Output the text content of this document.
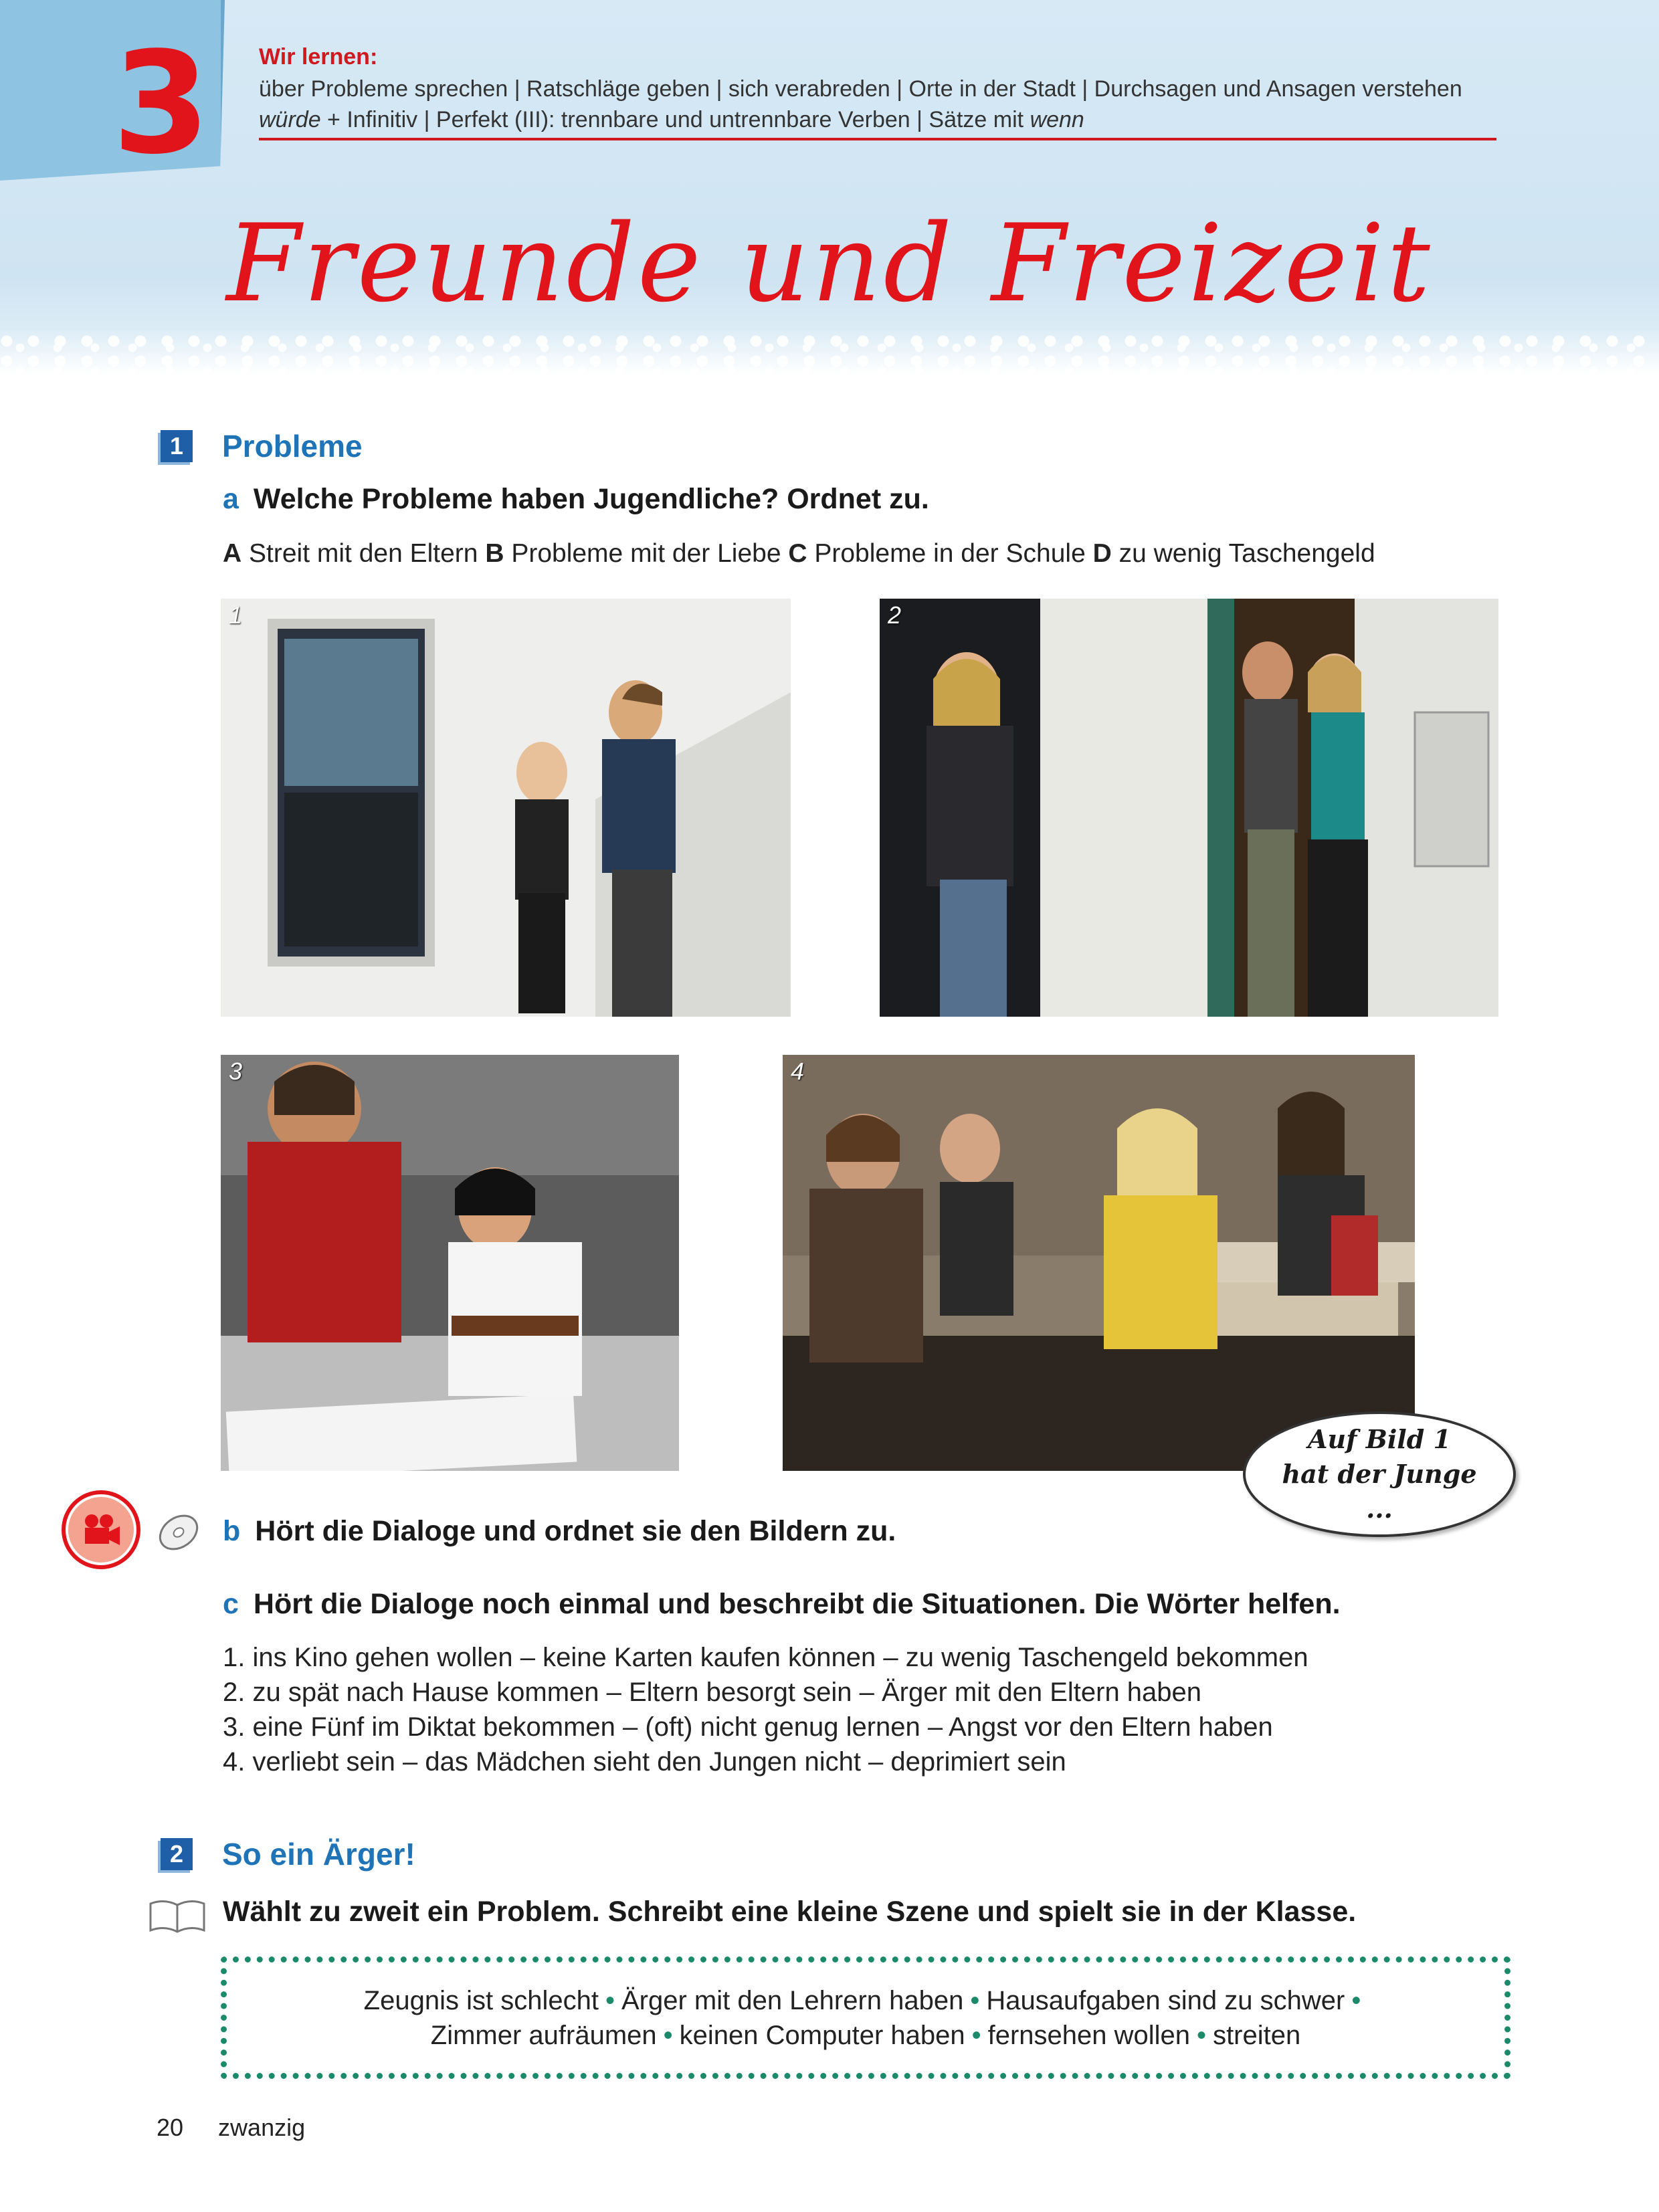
3 Wir lernen:
über Probleme sprechen | Ratschläge geben | sich verabreden | Orte in der Stadt | Durchsagen und Ansagen verstehen
würde + Infinitiv | Perfekt (III): trennbare und untrennbare Verben | Sätze mit wenn
Freunde und Freizeit
1	Probleme
a Welche Probleme haben Jugendliche? Ordnet zu.
A Streit mit den Eltern B Probleme mit der Liebe C Probleme in der Schule D zu wenig Taschengeld
1	2
3	4
Auf Bild 1
hat der Junge
...
b Hört die Dialoge und ordnet sie den Bildern zu.
c Hört die Dialoge noch einmal und beschreibt die Situationen. Die Wörter helfen.
1. ins Kino gehen wollen – keine Karten kaufen können – zu wenig Taschengeld bekommen
2. zu spät nach Hause kommen – Eltern besorgt sein – Ärger mit den Eltern haben
3. eine Fünf im Diktat bekommen – (oft) nicht genug lernen – Angst vor den Eltern haben
4. verliebt sein – das Mädchen sieht den Jungen nicht – deprimiert sein
2	So ein Ärger!
Wählt zu zweit ein Problem. Schreibt eine kleine Szene und spielt sie in der Klasse.
Zeugnis ist schlecht • Ärger mit den Lehrern haben • Hausaufgaben sind zu schwer •
Zimmer aufräumen • keinen Computer haben • fernsehen wollen • streiten
20 zwanzig
